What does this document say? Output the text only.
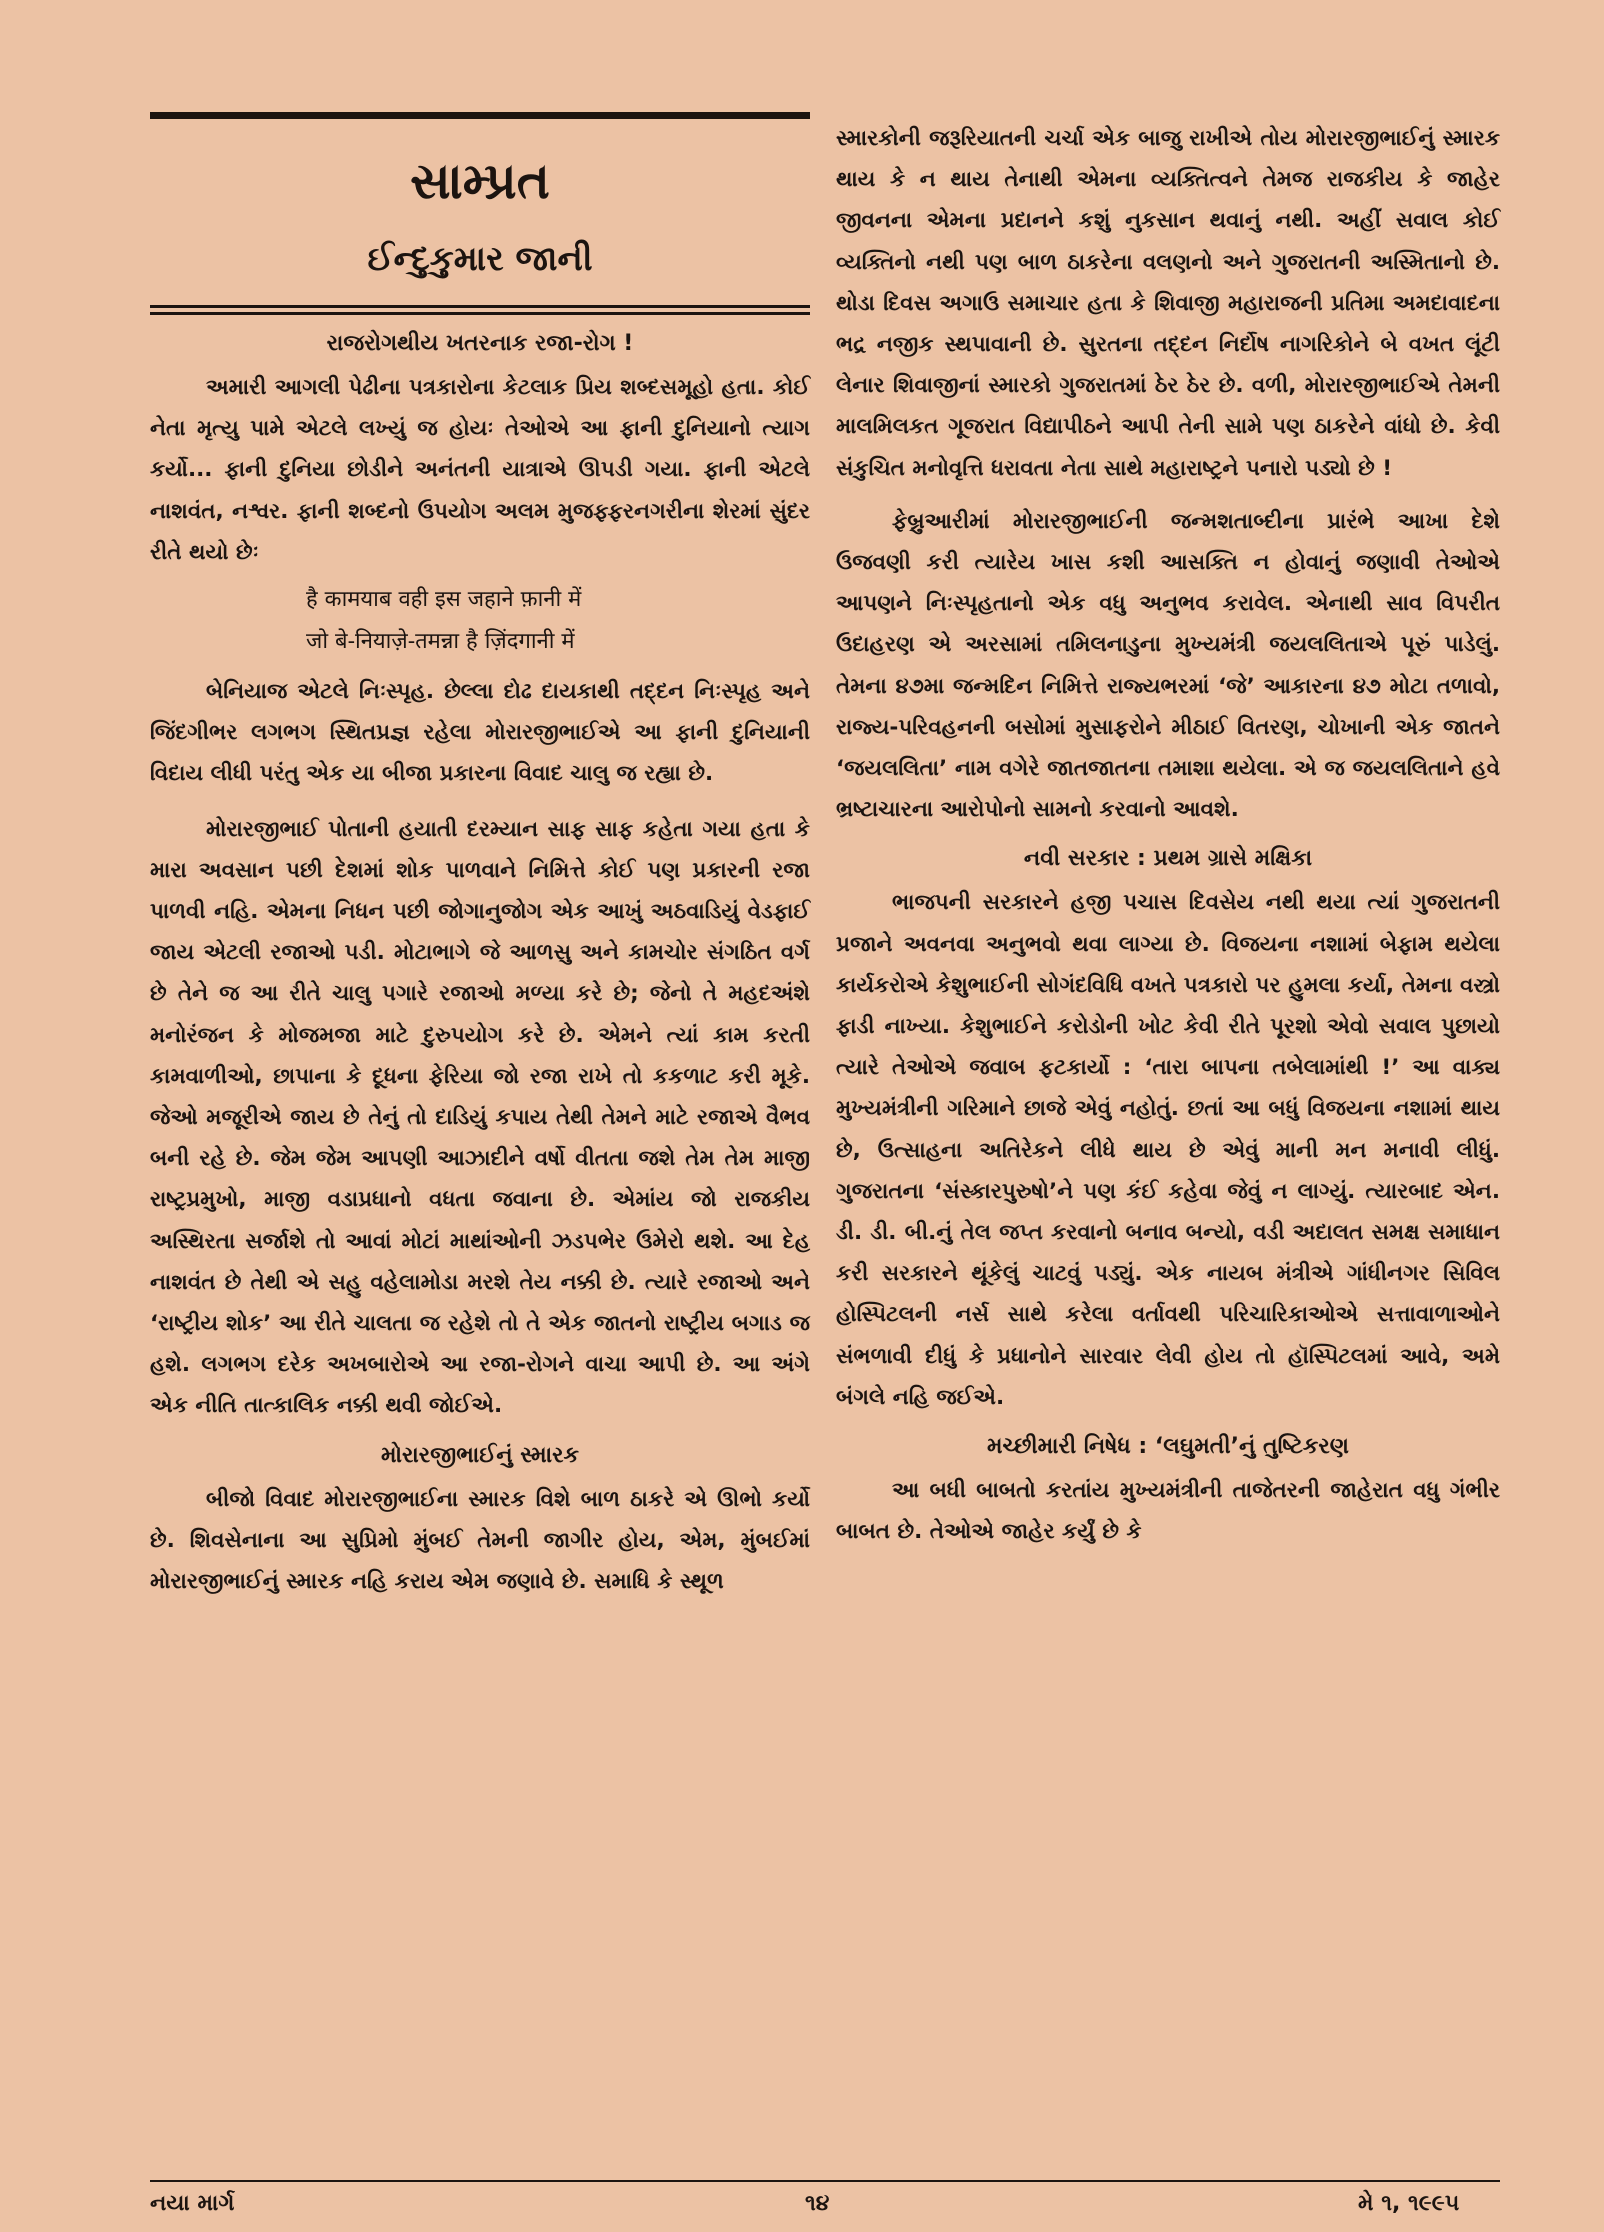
સામ્પ્રત
ઈન્દુકુમાર જાની
રાજરોગથીય ખતરનાક રજા-રોગ !

અમારી આગલી પેઢીના પત્રકારોના કેટલાક પ્રિય શબ્દસમૂહો હતા. કોઈ નેતા મૃત્યુ પામે એટલે લખ્યું જ હોયઃ તેઓએ આ ફાની દુનિયાનો ત્યાગ કર્યો... ફાની દુનિયા છોડીને અનંતની યાત્રાએ ઊપડી ગયા. ફાની એટલે નાશવંત, નશ્વર. ફાની શબ્દનો ઉપયોગ અલમ મુજફ્ફરનગરીના શેરમાં સુંદર રીતે થયો છેઃ

है कामयाब वही इस जहाने फ़ानी में
जो बे-नियाज़े-तमन्ना है ज़िंदगानी में

બેનિયાજ એટલે નિઃસ્પૃહ. છેલ્લા દોઢ દાયકાથી તદ્દન નિઃસ્પૃહ અને જિંદગીભર લગભગ સ્થિતપ્રજ્ઞ રહેલા મોરારજીભાઈએ આ ફાની દુનિયાની વિદાય લીધી પરંતુ એક યા બીજા પ્રકારના વિવાદ ચાલુ જ રહ્યા છે.

મોરારજીભાઈ પોતાની હયાતી દરમ્યાન સાફ સાફ કહેતા ગયા હતા કે મારા અવસાન પછી દેશમાં શોક પાળવાને નિમિત્તે કોઈ પણ પ્રકારની રજા પાળવી નહિ. એમના નિધન પછી જોગાનુજોગ એક આખું અઠવાડિયું વેડફાઈ જાય એટલી રજાઓ પડી. મોટાભાગે જે આળસુ અને કામચોર સંગઠિત વર્ગ છે તેને જ આ રીતે ચાલુ પગારે રજાઓ મળ્યા કરે છે; જેનો તે મહદઅંશે મનોરંજન કે મોજમજા માટે દુરુપયોગ કરે છે. એમને ત્યાં કામ કરતી કામવાળીઓ, છાપાના કે દૂધના ફેરિયા જો રજા રાખે તો કકળાટ કરી મૂકે. જેઓ મજૂરીએ જાય છે તેનું તો દાડિયું કપાય તેથી તેમને માટે રજાએ વૈભવ બની રહે છે. જેમ જેમ આપણી આઝાદીને વર્ષો વીતતા જશે તેમ તેમ માજી રાષ્ટ્રપ્રમુખો, માજી વડાપ્રધાનો વધતા જવાના છે. એમાંય જો રાજકીય અસ્થિરતા સર્જાશે તો આવાં મોટાં માથાંઓની ઝડપભેર ઉમેરો થશે. આ દેહ નાશવંત છે તેથી એ સહુ વહેલામોડા મરશે તેય નક્કી છે. ત્યારે રજાઓ અને ‘રાષ્ટ્રીય શોક’ આ રીતે ચાલતા જ રહેશે તો તે એક જાતનો રાષ્ટ્રીય બગાડ જ હશે. લગભગ દરેક અખબારોએ આ રજા-રોગને વાચા આપી છે. આ અંગે એક નીતિ તાત્કાલિક નક્કી થવી જોઈએ.

મોરારજીભાઈનું સ્મારક

બીજો વિવાદ મોરારજીભાઈના સ્મારક વિશે બાળ ઠાકરે એ ઊભો કર્યો છે. શિવસેનાના આ સુપ્રિમો મુંબઈ તેમની જાગીર હોય, એમ, મુંબઈમાં મોરારજીભાઈનું સ્મારક નહિ કરાય એમ જણાવે છે. સમાધિ કે સ્થૂળ

સ્મારકોની જરૂરિયાતની ચર્ચા એક બાજુ રાખીએ તોય મોરારજીભાઈનું સ્મારક થાય કે ન થાય તેનાથી એમના વ્યક્તિત્વને તેમજ રાજકીય કે જાહેર જીવનના એમના પ્રદાનને કશું નુકસાન થવાનું નથી. અહીં સવાલ કોઈ વ્યક્તિનો નથી પણ બાળ ઠાકરેના વલણનો અને ગુજરાતની અસ્મિતાનો છે. થોડા દિવસ અગાઉ સમાચાર હતા કે શિવાજી મહારાજની પ્રતિમા અમદાવાદના ભદ્ર નજીક સ્થપાવાની છે. સુરતના તદ્દન નિર્દોષ નાગરિકોને બે વખત લૂંટી લેનાર શિવાજીનાં સ્મારકો ગુજરાતમાં ઠેર ઠેર છે. વળી, મોરારજીભાઈએ તેમની માલમિલકત ગૂજરાત વિદ્યાપીઠને આપી તેની સામે પણ ઠાકરેને વાંધો છે. કેવી સંકુચિત મનોવૃત્તિ ધરાવતા નેતા સાથે મહારાષ્ટ્રને પનારો પડ્યો છે !

ફેબ્રુઆરીમાં મોરારજીભાઈની જન્મશતાબ્દીના પ્રારંભે આખા દેશે ઉજવણી કરી ત્યારેય ખાસ કશી આસક્તિ ન હોવાનું જણાવી તેઓએ આપણને નિઃસ્પૃહતાનો એક વધુ અનુભવ કરાવેલ. એનાથી સાવ વિપરીત ઉદાહરણ એ અરસામાં તમિલનાડુના મુખ્યમંત્રી જયલલિતાએ પૂરું પાડેલું. તેમના ૪૭મા જન્મદિન નિમિત્તે રાજ્યભરમાં ‘જે’ આકારના ૪૭ મોટા તળાવો, રાજ્ય-પરિવહનની બસોમાં મુસાફરોને મીઠાઈ વિતરણ, ચોખાની એક જાતને ‘જયલલિતા’ નામ વગેરે જાતજાતના તમાશા થયેલા. એ જ જયલલિતાને હવે ભ્રષ્ટાચારના આરોપોનો સામનો કરવાનો આવશે.

નવી સરકાર : પ્રથમ ગ્રાસે મક્ષિકા

ભાજપની સરકારને હજી પચાસ દિવસેય નથી થયા ત્યાં ગુજરાતની પ્રજાને અવનવા અનુભવો થવા લાગ્યા છે. વિજયના નશામાં બેફામ થયેલા કાર્યકરોએ કેશુભાઈની સોગંદવિધિ વખતે પત્રકારો પર હુમલા કર્યા, તેમના વસ્ત્રો ફાડી નાખ્યા. કેશુભાઈને કરોડોની ખોટ કેવી રીતે પૂરશો એવો સવાલ પુછાયો ત્યારે તેઓએ જવાબ ફટકાર્યો : ‘તારા બાપના તબેલામાંથી !’ આ વાક્ય મુખ્યમંત્રીની ગરિમાને છાજે એવું નહોતું. છતાં આ બધું વિજયના નશામાં થાય છે, ઉત્સાહના અતિરેકને લીધે થાય છે એવું માની મન મનાવી લીધું. ગુજરાતના ‘સંસ્કારપુરુષો’ને પણ કંઈ કહેવા જેવું ન લાગ્યું. ત્યારબાદ એન. ડી. ડી. બી.નું તેલ જપ્ત કરવાનો બનાવ બન્યો, વડી અદાલત સમક્ષ સમાધાન કરી સરકારને થૂંકેલું ચાટવું પડ્યું. એક નાયબ મંત્રીએ ગાંધીનગર સિવિલ હોસ્પિટલની નર્સ સાથે કરેલા વર્તાવથી પરિચારિકાઓએ સત્તાવાળાઓને સંભળાવી દીધું કે પ્રધાનોને સારવાર લેવી હોય તો હૉસ્પિટલમાં આવે, અમે બંગલે નહિ જઈએ.

મચ્છીમારી નિષેધ : ‘લઘુમતી’નું તુષ્ટિકરણ

આ બધી બાબતો કરતાંય મુખ્યમંત્રીની તાજેતરની જાહેરાત વધુ ગંભીર બાબત છે. તેઓએ જાહેર કર્યું છે કે

નયા માર્ગ	૧૪	મે ૧, ૧૯૯૫
